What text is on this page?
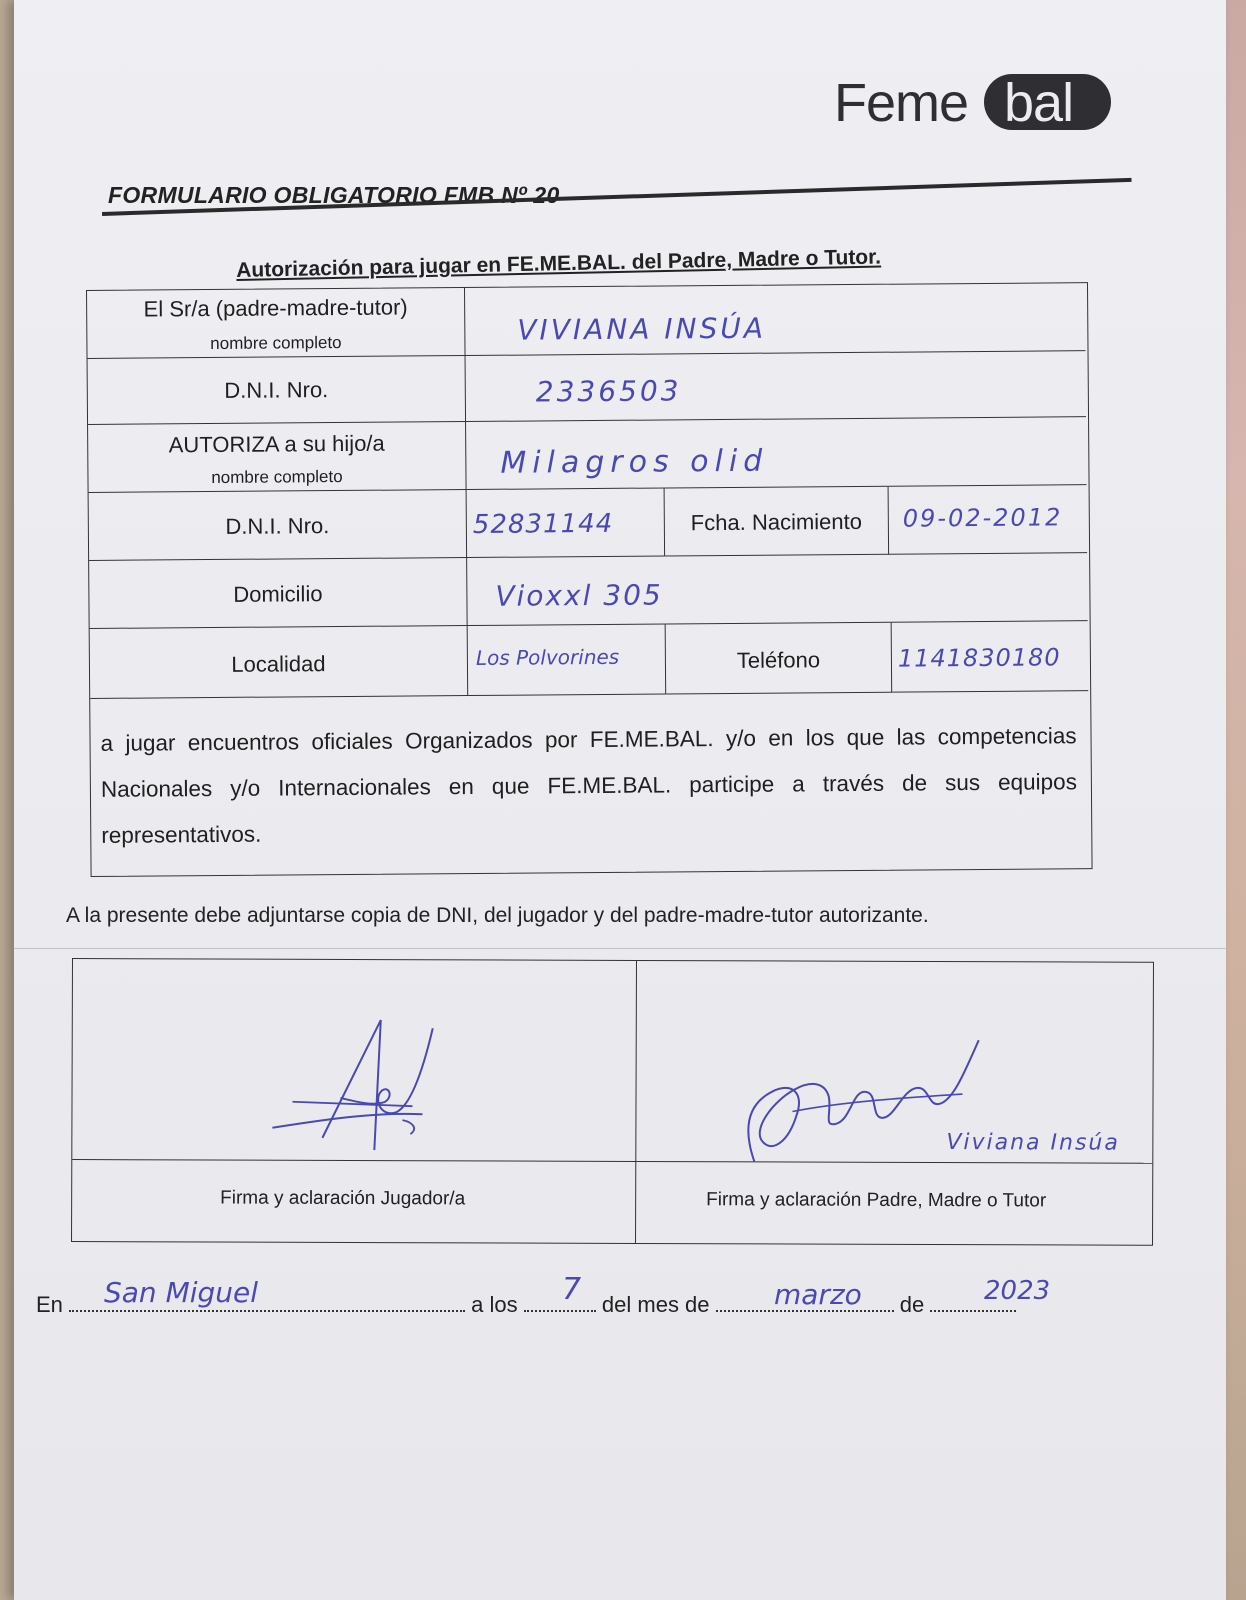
Feme bal
FORMULARIO OBLIGATORIO FMB Nº 20
Autorización para jugar en FE.ME.BAL. del Padre, Madre o Tutor.
El Sr/a (padre-madre-tutor)
nombre completo	VIVIANA INSÚA
D.N.I. Nro.	2336503
AUTORIZA a su hijo/a
nombre completo	Milagros olid
D.N.I. Nro.	52831144	Fcha. Nacimiento	09-02-2012
Domicilio	Vioxxl 305
Localidad	Los Polvorines	Teléfono	1141830180
a jugar encuentros oficiales Organizados por FE.ME.BAL. y/o en los que las competencias Nacionales y/o Internacionales en que FE.ME.BAL. participe a través de sus equipos representativos.
A la presente debe adjuntarse copia de DNI, del jugador y del padre-madre-tutor autorizante.
Viviana Insúa
Firma y aclaración Jugador/a	Firma y aclaración Padre, Madre o Tutor
En	a los	del mes de	de
San Miguel	7	marzo	2023
